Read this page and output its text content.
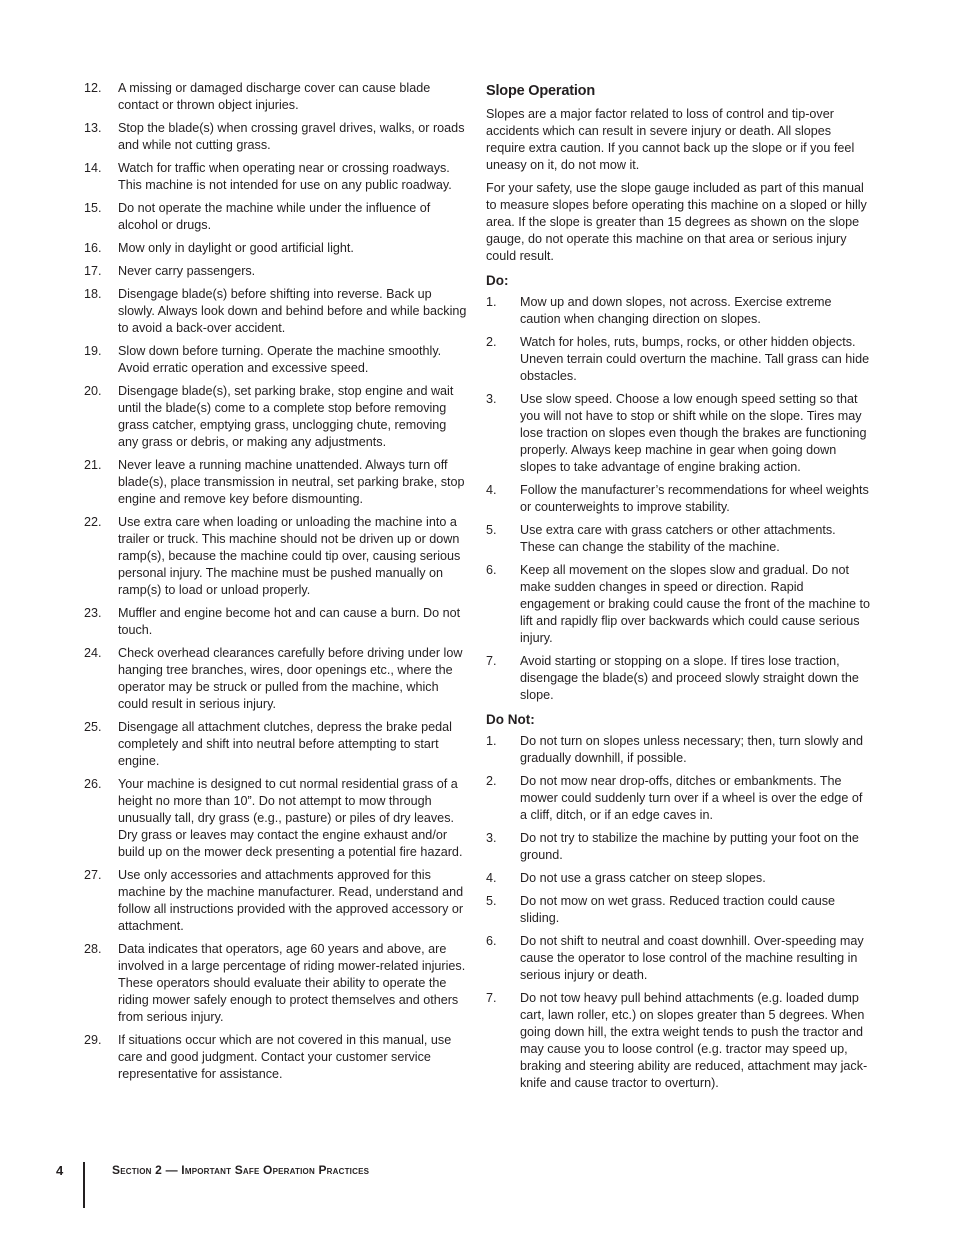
12. A missing or damaged discharge cover can cause blade contact or thrown object injuries.
13. Stop the blade(s) when crossing gravel drives, walks, or roads and while not cutting grass.
14. Watch for traffic when operating near or crossing roadways. This machine is not intended for use on any public roadway.
15. Do not operate the machine while under the influence of alcohol or drugs.
16. Mow only in daylight or good artificial light.
17. Never carry passengers.
18. Disengage blade(s) before shifting into reverse. Back up slowly. Always look down and behind before and while backing to avoid a back-over accident.
19. Slow down before turning. Operate the machine smoothly. Avoid erratic operation and excessive speed.
20. Disengage blade(s), set parking brake, stop engine and wait until the blade(s) come to a complete stop before removing grass catcher, emptying grass, unclogging chute, removing any grass or debris, or making any adjustments.
21. Never leave a running machine unattended. Always turn off blade(s), place transmission in neutral, set parking brake, stop engine and remove key before dismounting.
22. Use extra care when loading or unloading the machine into a trailer or truck. This machine should not be driven up or down ramp(s), because the machine could tip over, causing serious personal injury. The machine must be pushed manually on ramp(s) to load or unload properly.
23. Muffler and engine become hot and can cause a burn. Do not touch.
24. Check overhead clearances carefully before driving under low hanging tree branches, wires, door openings etc., where the operator may be struck or pulled from the machine, which could result in serious injury.
25. Disengage all attachment clutches, depress the brake pedal completely and shift into neutral before attempting to start engine.
26. Your machine is designed to cut normal residential grass of a height no more than 10”. Do not attempt to mow through unusually tall, dry grass (e.g., pasture) or piles of dry leaves. Dry grass or leaves may contact the engine exhaust and/or build up on the mower deck presenting a potential fire hazard.
27. Use only accessories and attachments approved for this machine by the machine manufacturer. Read, understand and follow all instructions provided with the approved accessory or attachment.
28. Data indicates that operators, age 60 years and above, are involved in a large percentage of riding mower-related injuries. These operators should evaluate their ability to operate the riding mower safely enough to protect themselves and others from serious injury.
29. If situations occur which are not covered in this manual, use care and good judgment. Contact your customer service representative for assistance.
Slope Operation

Slopes are a major factor related to loss of control and tip-over accidents which can result in severe injury or death. All slopes require extra caution. If you cannot back up the slope or if you feel uneasy on it, do not mow it.

For your safety, use the slope gauge included as part of this manual to measure slopes before operating this machine on a sloped or hilly area. If the slope is greater than 15 degrees as shown on the slope gauge, do not operate this machine on that area or serious injury could result.

Do:
1. Mow up and down slopes, not across. Exercise extreme caution when changing direction on slopes.
2. Watch for holes, ruts, bumps, rocks, or other hidden objects. Uneven terrain could overturn the machine. Tall grass can hide obstacles.
3. Use slow speed. Choose a low enough speed setting so that you will not have to stop or shift while on the slope. Tires may lose traction on slopes even though the brakes are functioning properly. Always keep machine in gear when going down slopes to take advantage of engine braking action.
4. Follow the manufacturer’s recommendations for wheel weights or counterweights to improve stability.
5. Use extra care with grass catchers or other attachments. These can change the stability of the machine.
6. Keep all movement on the slopes slow and gradual. Do not make sudden changes in speed or direction. Rapid engagement or braking could cause the front of the machine to lift and rapidly flip over backwards which could cause serious injury.
7. Avoid starting or stopping on a slope. If tires lose traction, disengage the blade(s) and proceed slowly straight down the slope.
Do Not:
1. Do not turn on slopes unless necessary; then, turn slowly and gradually downhill, if possible.
2. Do not mow near drop-offs, ditches or embankments. The mower could suddenly turn over if a wheel is over the edge of a cliff, ditch, or if an edge caves in.
3. Do not try to stabilize the machine by putting your foot on the ground.
4. Do not use a grass catcher on steep slopes.
5. Do not mow on wet grass. Reduced traction could cause sliding.
6. Do not shift to neutral and coast downhill. Over-speeding may cause the operator to lose control of the machine resulting in serious injury or death.
7. Do not tow heavy pull behind attachments (e.g. loaded dump cart, lawn roller, etc.) on slopes greater than 5 degrees. When going down hill, the extra weight tends to push the tractor and may cause you to loose control (e.g. tractor may speed up, braking and steering ability are reduced, attachment may jack-knife and cause tractor to overturn).
4	Section 2 — Important Safe Operation Practices
